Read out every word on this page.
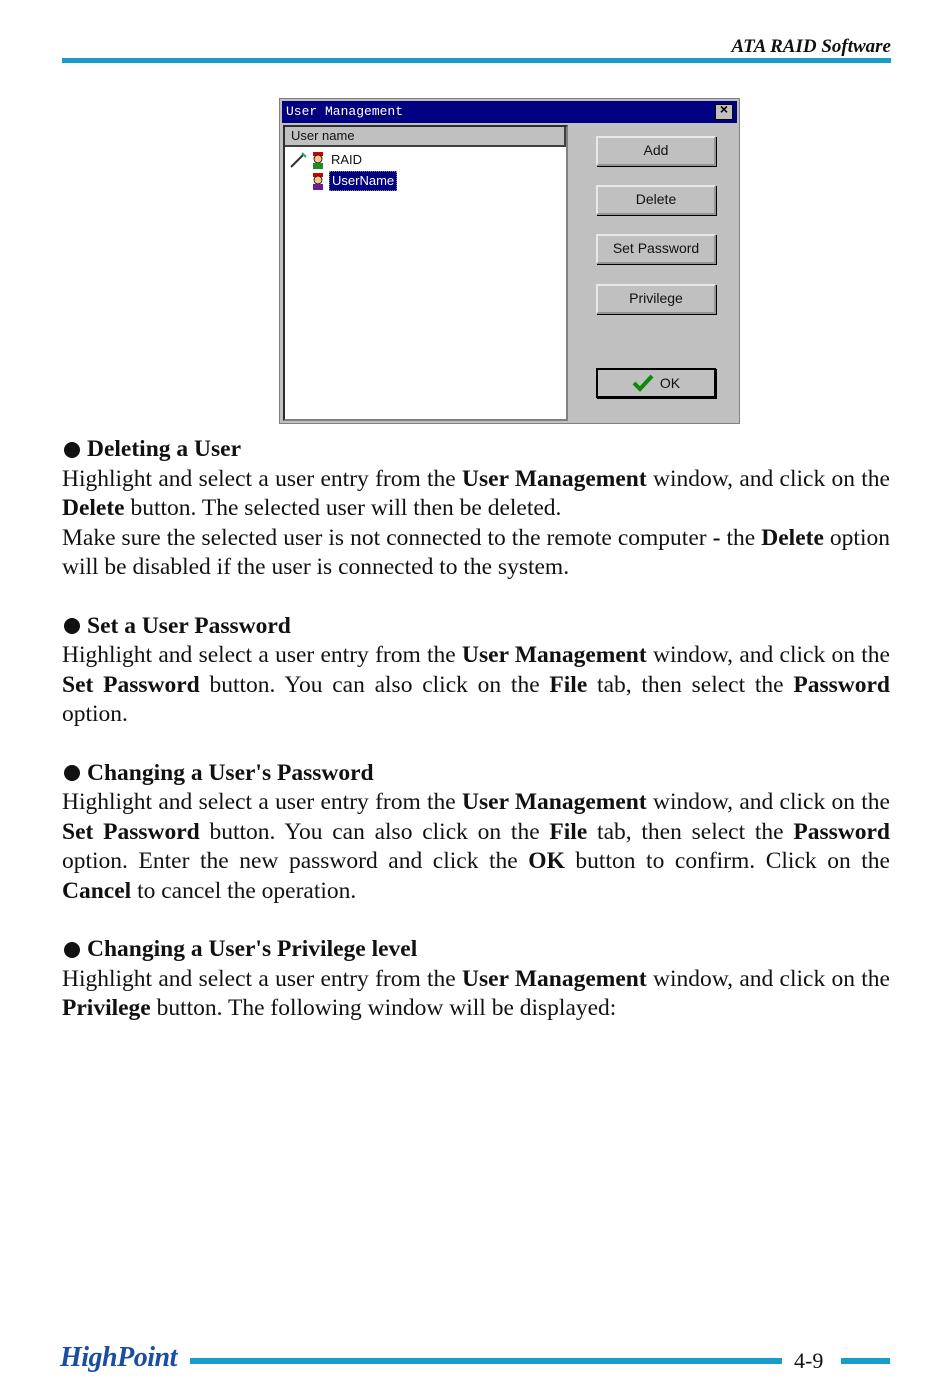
ATA RAID Software
User Management	×
User name
RAID
UserName
Add
Delete
Set Password
Privilege
OK
Deleting a User

Highlight and select a user entry from the User Management window, and click on the Delete button. The selected user will then be deleted.

Make sure the selected user is not connected to the remote computer - the Delete option will be disabled if the user is connected to the system.

Set a User Password

Highlight and select a user entry from the User Management window, and click on the Set Password button. You can also click on the File tab, then select the Password option.

Changing a User's Password

Highlight and select a user entry from the User Management window, and click on the Set Password button. You can also click on the File tab, then select the Password option. Enter the new password and click the OK button to confirm. Click on the Cancel to cancel the operation.

Changing a User's Privilege level

Highlight and select a user entry from the User Management window, and click on the Privilege button. The following window will be displayed:

HighPoint	4-9
